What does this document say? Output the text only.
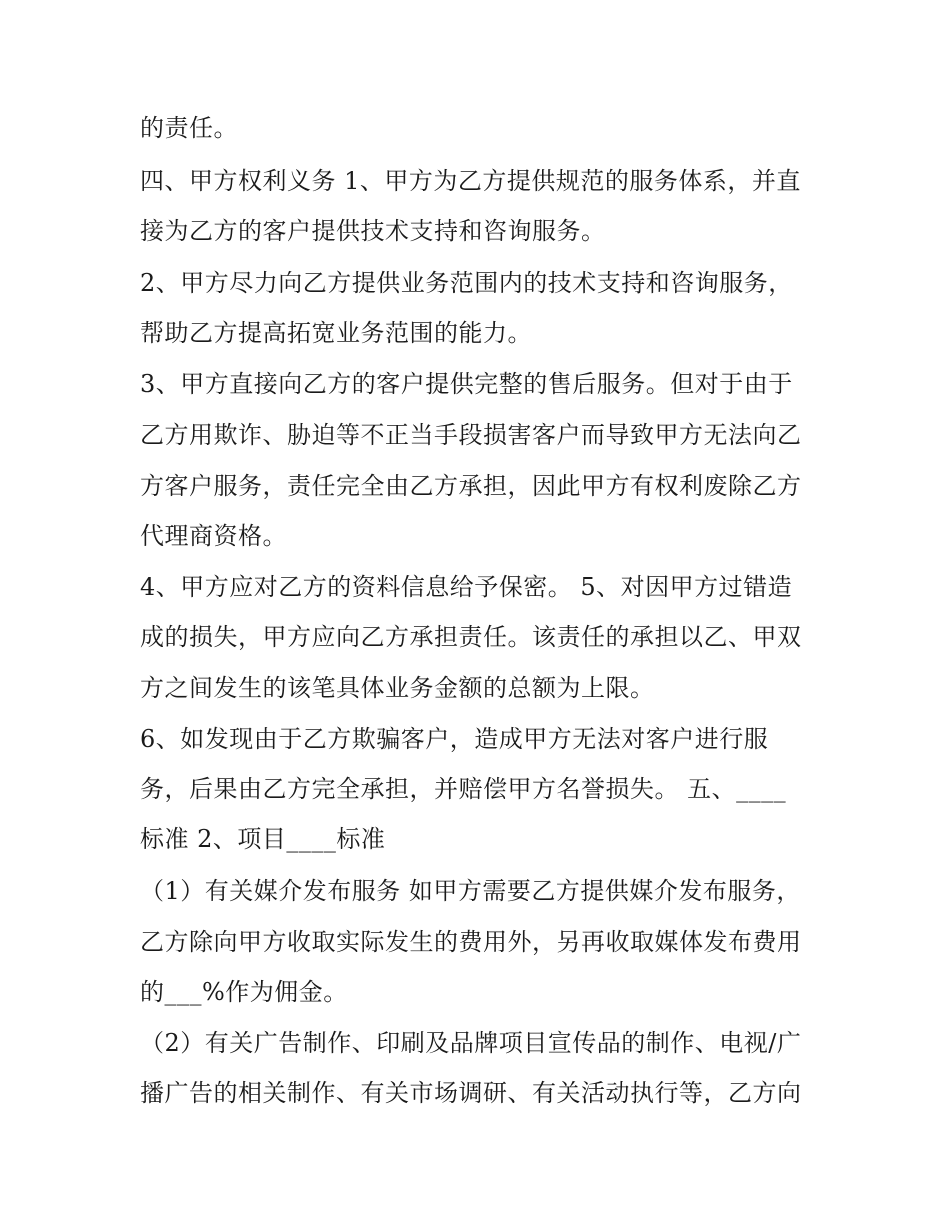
的责任。
四、甲方权利义务 1、甲方为乙方提供规范的服务体系，并直
接为乙方的客户提供技术支持和咨询服务。
2、甲方尽力向乙方提供业务范围内的技术支持和咨询服务，
帮助乙方提高拓宽业务范围的能力。
3、甲方直接向乙方的客户提供完整的售后服务。但对于由于
乙方用欺诈、胁迫等不正当手段损害客户而导致甲方无法向乙
方客户服务，责任完全由乙方承担，因此甲方有权利废除乙方
代理商资格。
4、甲方应对乙方的资料信息给予保密。 5、对因甲方过错造
成的损失，甲方应向乙方承担责任。该责任的承担以乙、甲双
方之间发生的该笔具体业务金额的总额为上限。
6、如发现由于乙方欺骗客户，造成甲方无法对客户进行服
务，后果由乙方完全承担，并赔偿甲方名誉损失。 五、____
标准 2、项目____标准
（1）有关媒介发布服务 如甲方需要乙方提供媒介发布服务，
乙方除向甲方收取实际发生的费用外，另再收取媒体发布费用
的___%作为佣金。
（2）有关广告制作、印刷及品牌项目宣传品的制作、电视/广
播广告的相关制作、有关市场调研、有关活动执行等，乙方向
